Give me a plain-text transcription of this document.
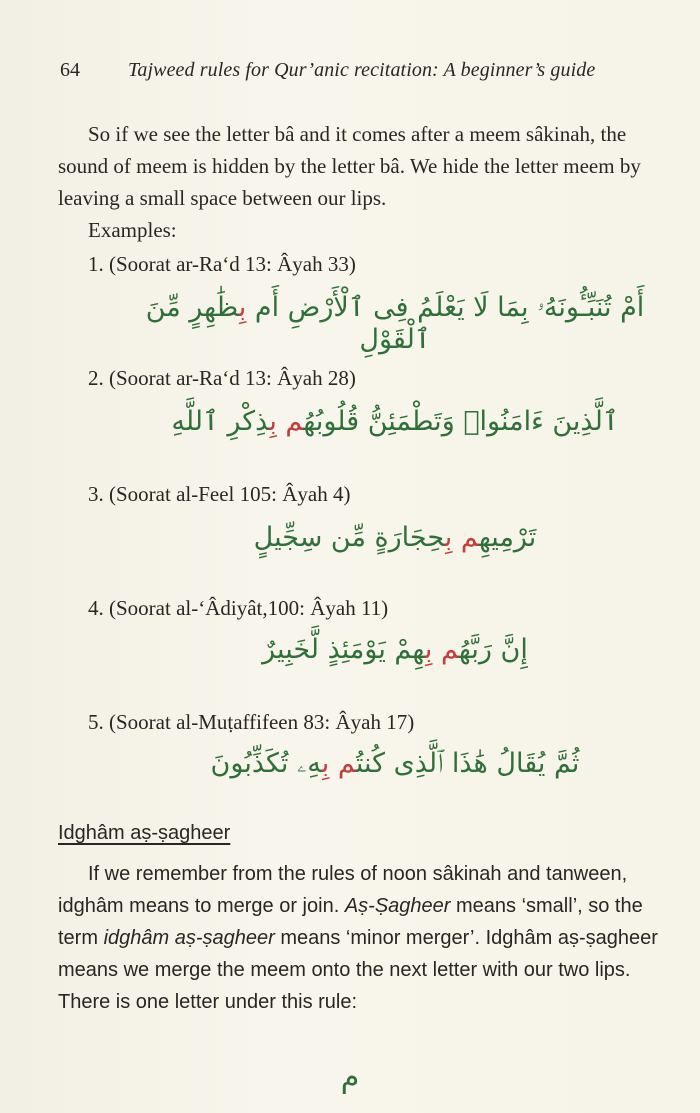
64 Tajweed rules for Qur’anic recitation: A beginner’s guide

So if we see the letter bâ and it comes after a meem sâkinah, the sound of meem is hidden by the letter bâ. We hide the letter meem by leaving a small space between our lips.

Examples:
1. (Soorat ar-Ra‘d 13: Âyah 33)
أَمْ تُنَبِّـُٔونَهُۥ بِمَا لَا يَعْلَمُ فِى ٱلْأَرْضِ أَم بِظَٰهِرٍ مِّنَ ٱلْقَوْلِ
2. (Soorat ar-Ra‘d 13: Âyah 28)
ٱلَّذِينَ ءَامَنُوا۟ وَتَطْمَئِنُّ قُلُوبُهُم بِذِكْرِ ٱللَّهِ
3. (Soorat al-Feel 105: Âyah 4)
تَرْمِيهِم بِحِجَارَةٍ مِّن سِجِّيلٍ
4. (Soorat al-‘Âdiyât,100: Âyah 11)
إِنَّ رَبَّهُم بِهِمْ يَوْمَئِذٍ لَّخَبِيرٌ
5. (Soorat al-Muṭaffifeen 83: Âyah 17)
ثُمَّ يُقَالُ هَٰذَا ٱلَّذِى كُنتُم بِهِۦ تُكَذِّبُونَ
Idghâm aṣ-ṣagheer

If we remember from the rules of noon sâkinah and tanween, idghâm means to merge or join. Aṣ-Ṣagheer means ‘small’, so the term idghâm aṣ-ṣagheer means ‘minor merger’. Idghâm aṣ-ṣagheer means we merge the meem onto the next letter with our two lips. There is one letter under this rule:

م
